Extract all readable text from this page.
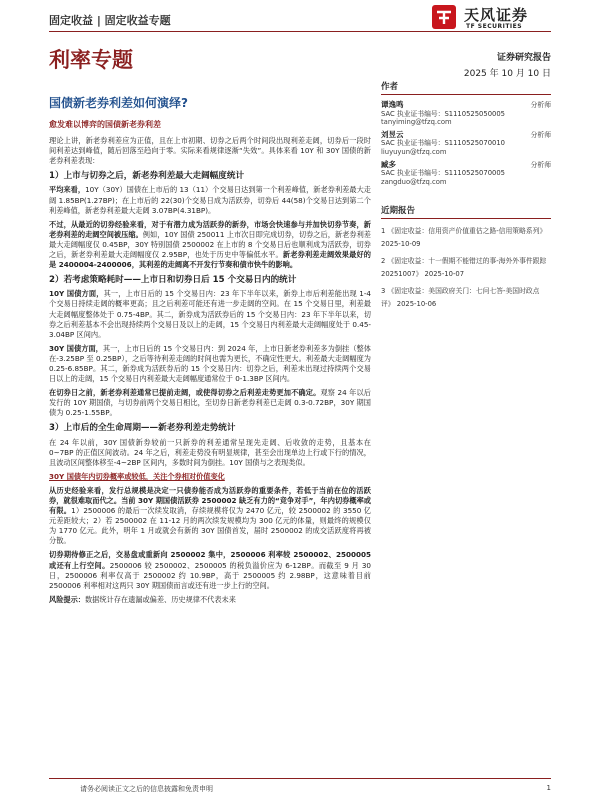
固定收益 | 固定收益专题	天风证券
TF SECURITIES
利率专题	证券研究报告
2025 年 10 月 10 日
国债新老券利差如何演绎?

愈发难以博弈的国债新老券利差

理论上讲，新老券利差应为正值，且在上市初期、切券之后两个时间段出现利差走阔，切券后一段时间利差达到峰值，随后回落至趋向于零。实际来看规律逐渐“失效”。具体来看 10Y 和 30Y 国债的新老券利差表现：

1）上市与切券之后，新老券利差最大走阔幅度统计

平均来看，10Y（30Y）国债在上市后的 13（11）个交易日达到第一个利差峰值，新老券利差最大走阔 1.85BP(1.27BP)；在上市后的 22(30)个交易日成为活跃券，切券后 44(58)个交易日达到第二个利差峰值，新老券利差最大走阔 3.07BP(4.31BP)。

不过，从最近的切券经验来看，对于有潜力成为活跃券的新券，市场会快速参与并加快切券节奏，新老券利差的走阔空间被压缩。例如，10Y 国债 250011 上市次日即完成切券，切券之后，新老券利差最大走阔幅度仅 0.45BP，30Y 特别国债 2500002 在上市的 8 个交易日后也顺利成为活跃券，切券之后，新老券利差最大走阔幅度仅 2.95BP，也处于历史中等偏低水平。新老券利差走阔效果最好的是 2400004-2400006，其利差的走阔离不开发行节奏和债市快牛的影响。

2）若考虑策略耗时——上市日和切券日后 15 个交易日内的统计

10Y 国债方面，其一，上市日后的 15 个交易日内：23 年下半年以来，新券上市后利差能出现 1-4 个交易日持续走阔的概率更高；且之后利差可能还有进一步走阔的空间。在 15 个交易日里，利差最大走阔幅度整体处于 0.75-4BP。其二，新券成为活跃券后的 15 个交易日内：23 年下半年以来，切券之后利差基本不会出现持续两个交易日及以上的走阔，15 个交易日内利差最大走阔幅度处于 0.45-3.04BP 区间内。

30Y 国债方面，其一，上市日后的 15 个交易日内：到 2024 年，上市日新老券利差多为倒挂（整体在-3.25BP 至 0.25BP），之后等待利差走阔的时间也需为更长，不确定性更大。利差最大走阔幅度为 0.25-6.85BP。其二，新券成为活跃券后的 15 个交易日内：切券之后，利差未出现过持续两个交易日以上的走阔，15 个交易日内利差最大走阔幅度通常位于 0-1.3BP 区间内。

在切券日之前，新老券利差通常已提前走阔，或使得切券之后利差走势更加不确定。观察 24 年以后发行的 10Y 期国债，与切券前两个交易日相比，至切券日新老券利差已走阔 0.3-0.72BP，30Y 期国债为 0.25-1.55BP。

3）上市后的全生命周期——新老券利差走势统计

在 24 年以前，30Y 国债新券较前一只新券的利差通常呈现先走阔、后收敛的走势，且基本在 0~7BP 的正值区间波动。24 年之后，利差走势没有明显规律，甚至会出现单边上行或下行的情况，且波动区间整体移至-4~2BP 区间内，多数时间为倒挂。10Y 国债与之表现类似。

30Y 国债年内切券概率或较低，关注个券相对价值变化

从历史经验来看，发行总规模是决定一只债券能否成为活跃券的重要条件，若低于当前在位的活跃券，就很难取而代之。当前 30Y 期国债活跃券 2500002 缺乏有力的“竞争对手”，年内切券概率或有限。1）2500006 的最后一次续发取消，存续规模将仅为 2470 亿元，较 2500002 的 3550 亿元差距较大；2）若 2500002 在 11-12 月的两次续发规模均为 300 亿元的体量，则最终的规模仅为 1770 亿元。此外，明年 1 月或就会有新的 30Y 国债首发，届时 2500002 的成交活跃度将再被分散。

切券期待修正之后，交易盘或重新向 2500002 集中，2500006 利率较 2500002、2500005 或还有上行空间。2500006 较 2500002、2500005 的税负溢价应为 6-12BP。而截至 9 月 30 日，2500006 利率仅高于 2500002 约 10.9BP，高于 2500005 约 2.98BP，这意味着目前 2500006 利率相对这两只 30Y 期国债而言或还有进一步上行的空间。

风险提示：数据统计存在遗漏或偏差、历史规律不代表未来

作者
谭逸鸣	分析师
SAC 执业证书编号：S1110525050005
tanyiming@tfzq.com
刘昱云	分析师
SAC 执业证书编号：S1110525070010
liuyuyun@tfzq.com
臧多	分析师
SAC 执业证书编号：S1110525070005
zangduo@tfzq.com
近期报告
1 《固定收益：信用资产价值重估之路-信用策略系列》 2025-10-09
2 《固定收益：十一假期不能错过的事-海外外事件跟踪 20251007》 2025-10-07
3 《固定收益：美国政府关门：七问七答-美国时政点评》 2025-10-06
请务必阅读正文之后的信息披露和免责申明	1
